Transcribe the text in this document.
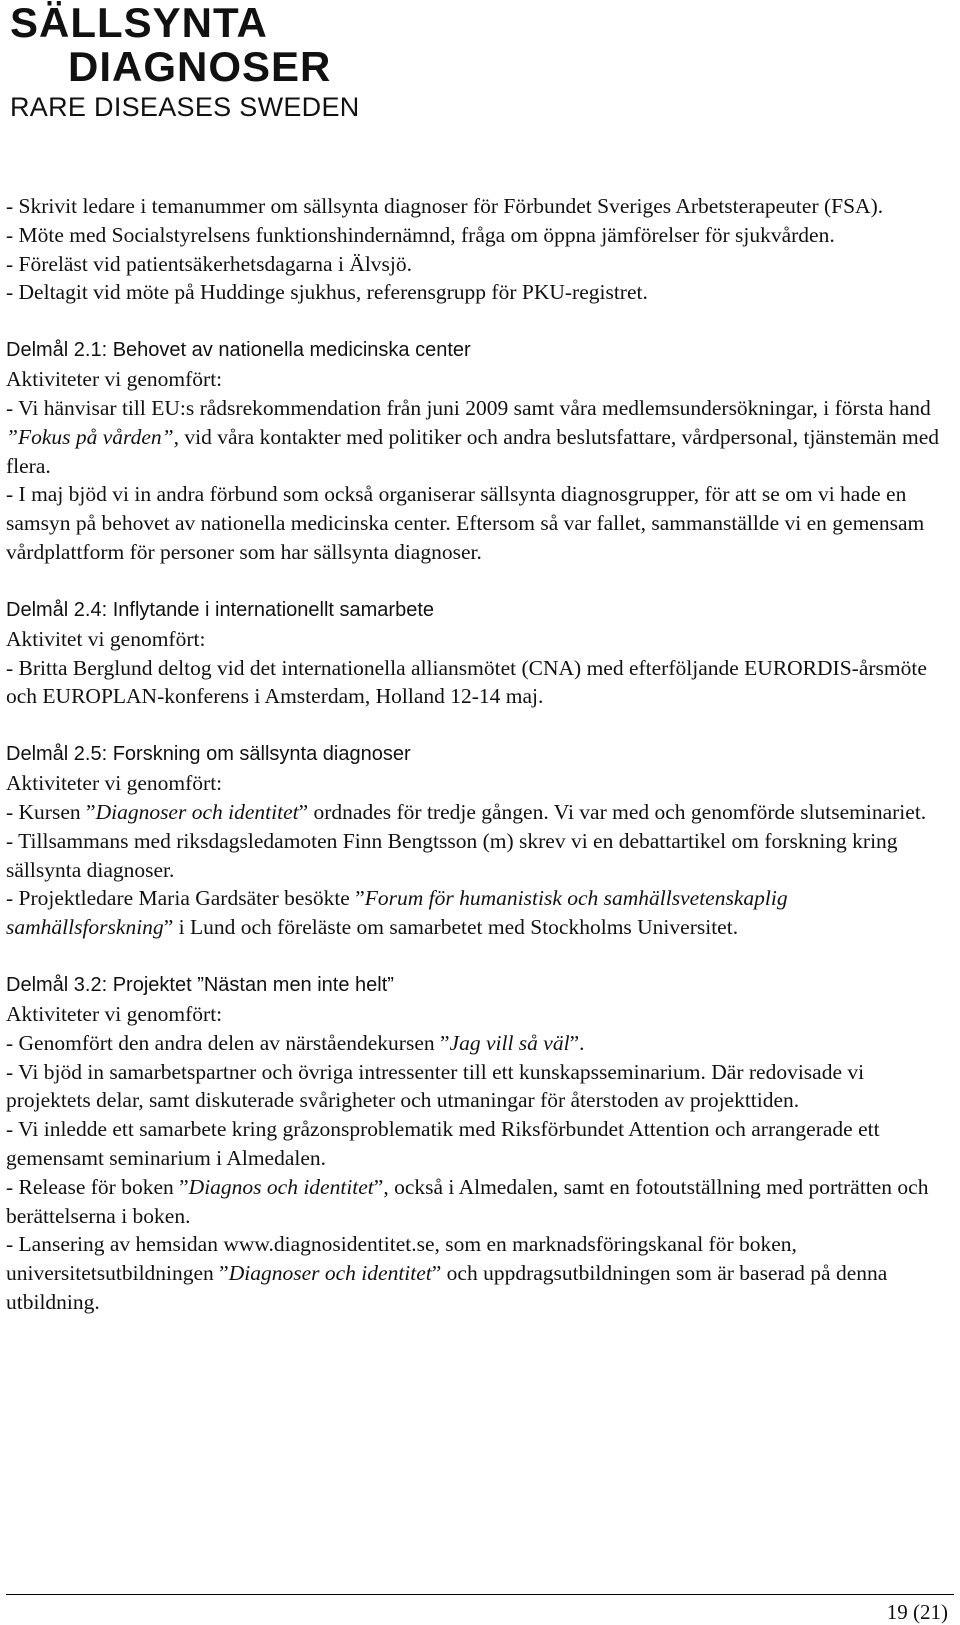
SÄLLSYNTA
DIAGNOSER
RARE DISEASES SWEDEN

- Skrivit ledare i temanummer om sällsynta diagnoser för Förbundet Sveriges Arbetsterapeuter (FSA).

- Möte med Socialstyrelsens funktionshindernämnd, fråga om öppna jämförelser för sjukvården.

- Föreläst vid patientsäkerhetsdagarna i Älvsjö.

- Deltagit vid möte på Huddinge sjukhus, referensgrupp för PKU-registret.

Delmål 2.1: Behovet av nationella medicinska center

Aktiviteter vi genomfört:

- Vi hänvisar till EU:s rådsrekommendation från juni 2009 samt våra medlemsundersökningar, i första hand ”Fokus på vården”, vid våra kontakter med politiker och andra beslutsfattare, vårdpersonal, tjänstemän med flera.

- I maj bjöd vi in andra förbund som också organiserar sällsynta diagnosgrupper, för att se om vi hade en samsyn på behovet av nationella medicinska center. Eftersom så var fallet, sammanställde vi en gemensam vårdplattform för personer som har sällsynta diagnoser.

Delmål 2.4: Inflytande i internationellt samarbete

Aktivitet vi genomfört:

- Britta Berglund deltog vid det internationella alliansmötet (CNA) med efterföljande EURORDIS-årsmöte och EUROPLAN-konferens i Amsterdam, Holland 12-14 maj.

Delmål 2.5: Forskning om sällsynta diagnoser

Aktiviteter vi genomfört:

- Kursen ”Diagnoser och identitet” ordnades för tredje gången. Vi var med och genomförde slutseminariet.

- Tillsammans med riksdagsledamoten Finn Bengtsson (m) skrev vi en debattartikel om forskning kring sällsynta diagnoser.

- Projektledare Maria Gardsäter besökte ”Forum för humanistisk och samhällsvetenskaplig samhällsforskning” i Lund och föreläste om samarbetet med Stockholms Universitet.

Delmål 3.2: Projektet ”Nästan men inte helt”

Aktiviteter vi genomfört:

- Genomfört den andra delen av närståendekursen ”Jag vill så väl”.

- Vi bjöd in samarbetspartner och övriga intressenter till ett kunskapsseminarium. Där redovisade vi projektets delar, samt diskuterade svårigheter och utmaningar för återstoden av projekttiden.

- Vi inledde ett samarbete kring gråzonsproblematik med Riksförbundet Attention och arrangerade ett gemensamt seminarium i Almedalen.

- Release för boken ”Diagnos och identitet”, också i Almedalen, samt en fotoutställning med porträtten och berättelserna i boken.

- Lansering av hemsidan www.diagnosidentitet.se, som en marknadsföringskanal för boken, universitetsutbildningen ”Diagnoser och identitet” och uppdragsutbildningen som är baserad på denna utbildning.

19 (21)
